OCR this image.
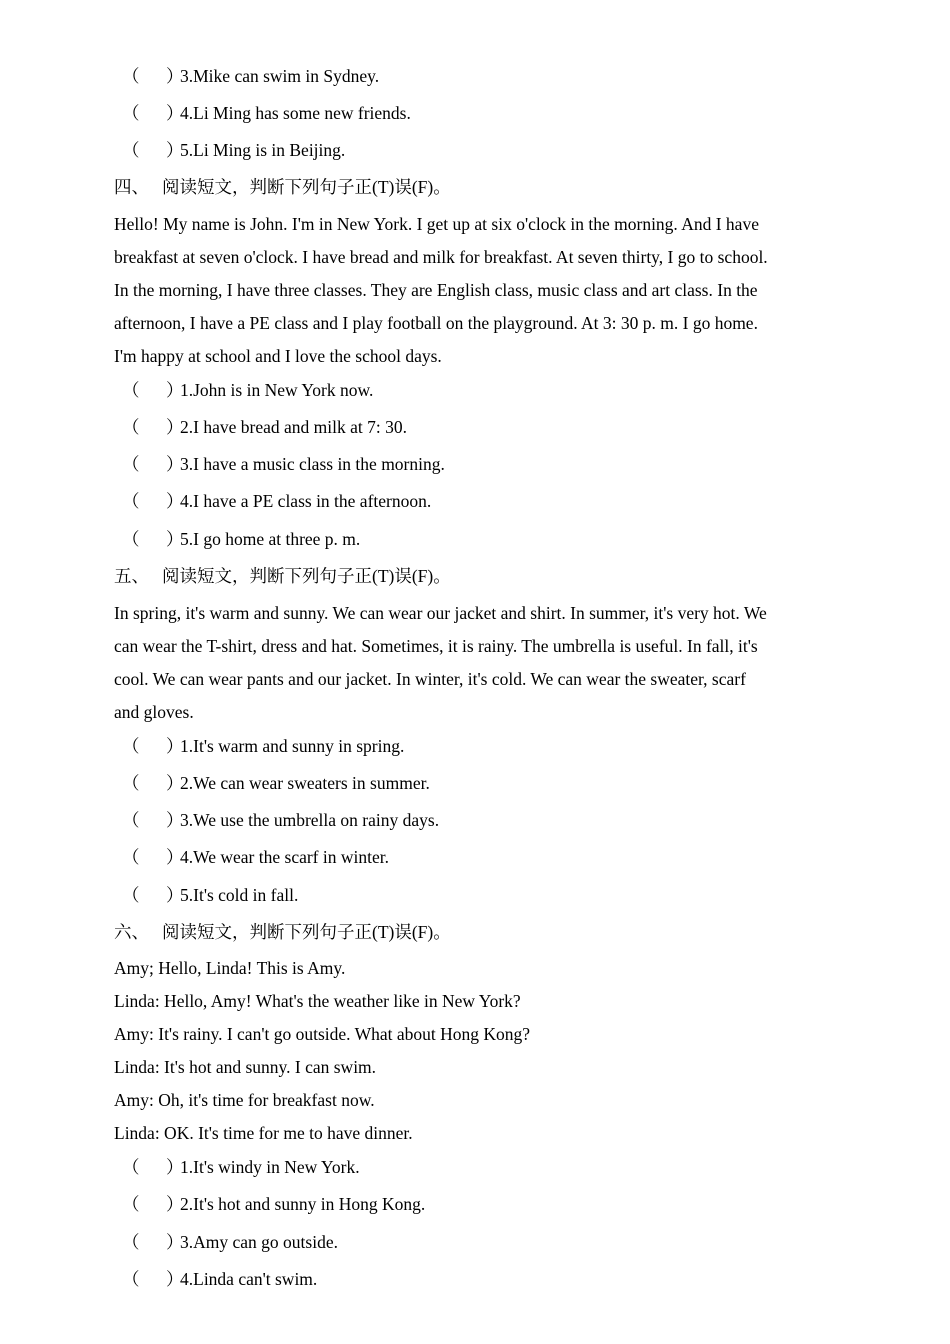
（ ）
3.Mike can swim in Sydney.
（ ）
4.Li Ming has some new friends.
（ ）
5.Li Ming is in Beijing.
四、 阅读短文，判断下列句子正(T)误(F)。
Hello! My name is John. I'm in New York. I get up at six o'clock in the morning. And I have
breakfast at seven o'clock. I have bread and milk for breakfast. At seven thirty, I go to school.
In the morning, I have three classes. They are English class, music class and art class. In the
afternoon, I have a PE class and I play football on the playground. At 3: 30 p. m. I go home.
I'm happy at school and I love the school days.
（ ）
1.John is in New York now.
（ ）
2.I have bread and milk at 7: 30.
（ ）
3.I have a music class in the morning.
（ ）
4.I have a PE class in the afternoon.
（ ）
5.I go home at three p. m.
五、 阅读短文，判断下列句子正(T)误(F)。
In spring, it's warm and sunny. We can wear our jacket and shirt. In summer, it's very hot. We
can wear the T-shirt, dress and hat. Sometimes, it is rainy. The umbrella is useful. In fall, it's
cool. We can wear pants and our jacket. In winter, it's cold. We can wear the sweater, scarf
and gloves.
（ ）
1.It's warm and sunny in spring.
（ ）
2.We can wear sweaters in summer.
（ ）
3.We use the umbrella on rainy days.
（ ）
4.We wear the scarf in winter.
（ ）
5.It's cold in fall.
六、 阅读短文，判断下列句子正(T)误(F)。
Amy; Hello, Linda! This is Amy.
Linda: Hello, Amy! What's the weather like in New York?
Amy: It's rainy. I can't go outside. What about Hong Kong?
Linda: It's hot and sunny. I can swim.
Amy: Oh, it's time for breakfast now.
Linda: OK. It's time for me to have dinner.
（ ）
1.It's windy in New York.
（ ）
2.It's hot and sunny in Hong Kong.
（ ）
3.Amy can go outside.
（ ）
4.Linda can't swim.
